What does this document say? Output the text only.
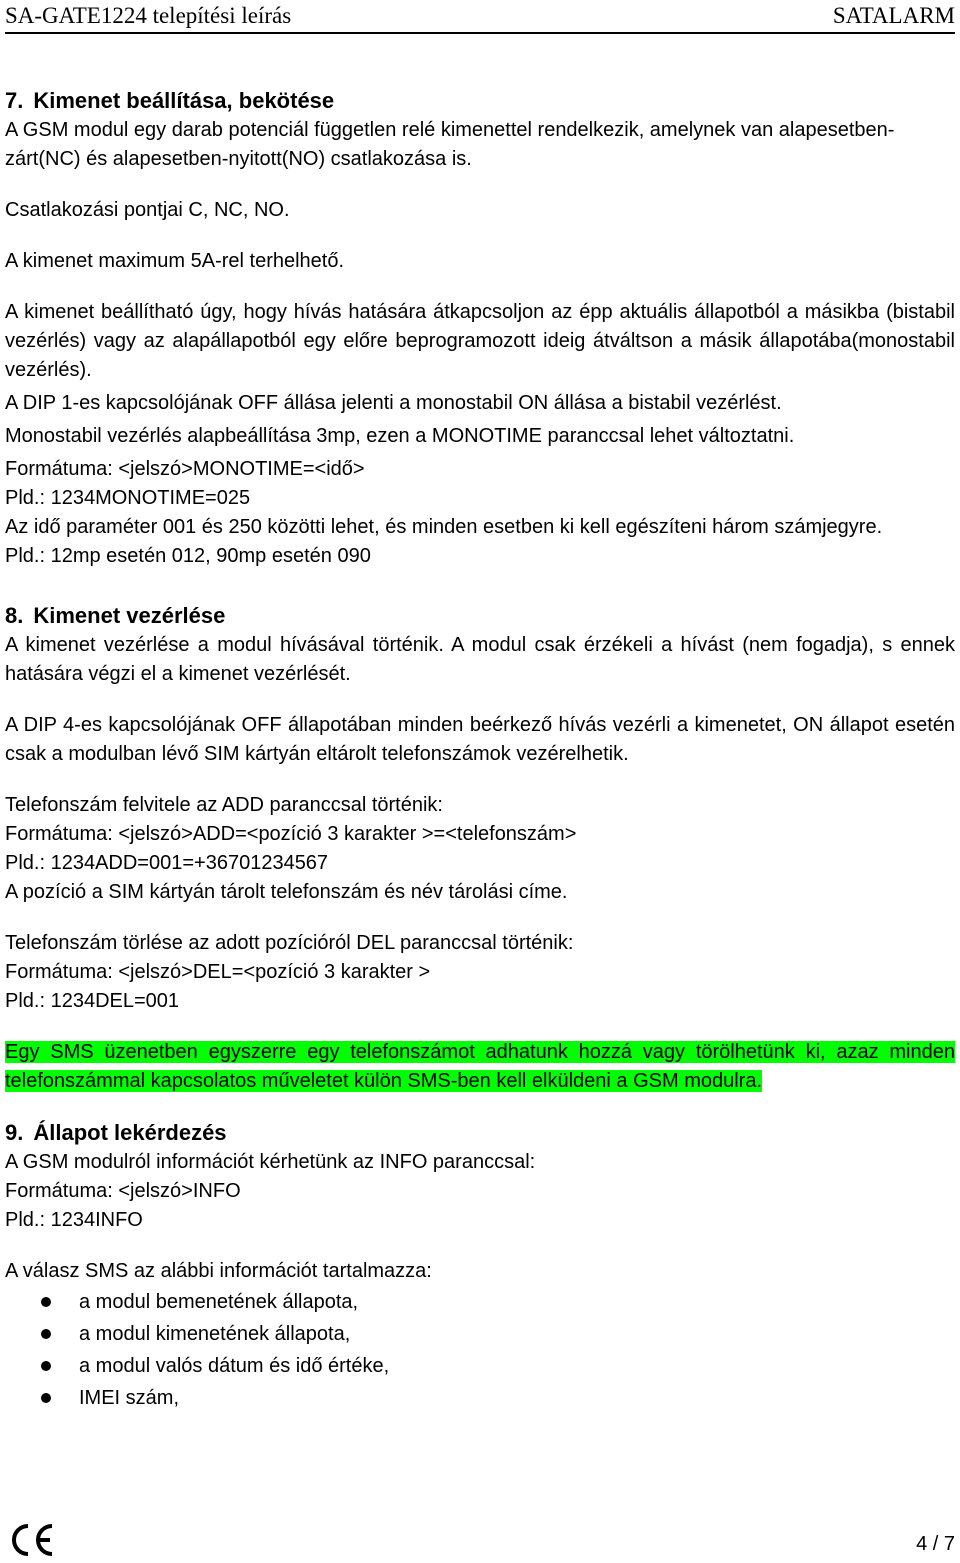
SA-GATE1224 telepítési leírás	SATALARM
7. Kimenet beállítása, bekötése

A GSM modul egy darab potenciál független relé kimenettel rendelkezik, amelynek van alapesetben-zárt(NC) és alapesetben-nyitott(NO) csatlakozása is.

Csatlakozási pontjai C, NC, NO.

A kimenet maximum 5A-rel terhelhető.

A kimenet beállítható úgy, hogy hívás hatására átkapcsoljon az épp aktuális állapotból a másikba (bistabil vezérlés) vagy az alapállapotból egy előre beprogramozott ideig átváltson a másik állapotába(monostabil vezérlés).

A DIP 1-es kapcsolójának OFF állása jelenti a monostabil ON állása a bistabil vezérlést.

Monostabil vezérlés alapbeállítása 3mp, ezen a MONOTIME paranccsal lehet változtatni.

Formátuma: <jelszó>MONOTIME=<idő>

Pld.: 1234MONOTIME=025

Az idő paraméter 001 és 250 közötti lehet, és minden esetben ki kell egészíteni három számjegyre.

Pld.: 12mp esetén 012, 90mp esetén 090

8. Kimenet vezérlése

A kimenet vezérlése a modul hívásával történik. A modul csak érzékeli a hívást (nem fogadja), s ennek hatására végzi el a kimenet vezérlését.

A DIP 4-es kapcsolójának OFF állapotában minden beérkező hívás vezérli a kimenetet, ON állapot esetén csak a modulban lévő SIM kártyán eltárolt telefonszámok vezérelhetik.

Telefonszám felvitele az ADD paranccsal történik:

Formátuma: <jelszó>ADD=<pozíció 3 karakter >=<telefonszám>

Pld.: 1234ADD=001=+36701234567

A pozíció a SIM kártyán tárolt telefonszám és név tárolási címe.

Telefonszám törlése az adott pozícióról DEL paranccsal történik:

Formátuma: <jelszó>DEL=<pozíció 3 karakter >

Pld.: 1234DEL=001

Egy SMS üzenetben egyszerre egy telefonszámot adhatunk hozzá vagy törölhetünk ki, azaz minden telefonszámmal kapcsolatos műveletet külön SMS-ben kell elküldeni a GSM modulra.

9. Állapot lekérdezés

A GSM modulról információt kérhetünk az INFO paranccsal:

Formátuma: <jelszó>INFO

Pld.: 1234INFO

A válasz SMS az alábbi információt tartalmazza:

a modul bemenetének állapota,
a modul kimenetének állapota,
a modul valós dátum és idő értéke,
IMEI szám,
4 / 7
